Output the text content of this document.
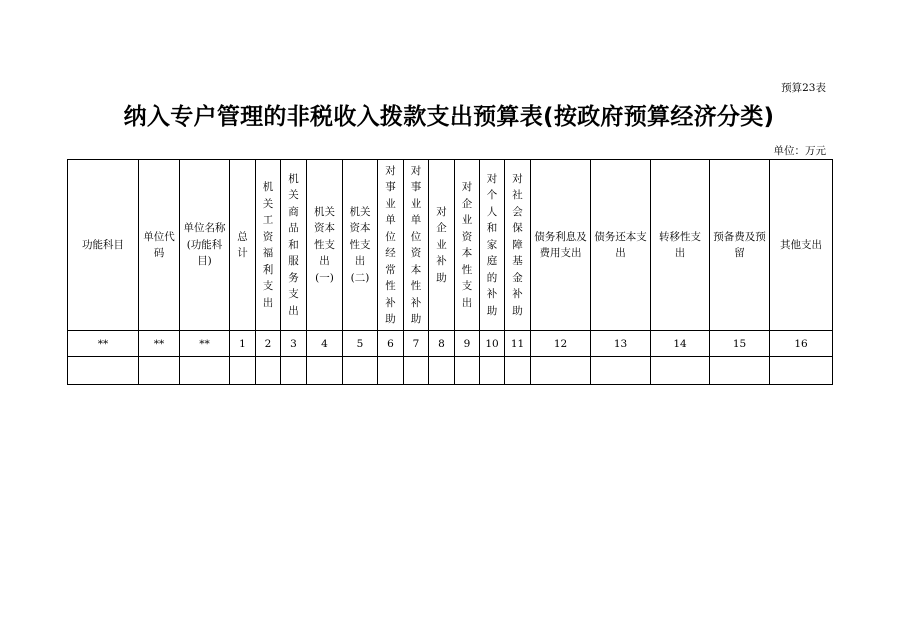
预算23表
纳入专户管理的非税收入拨款支出预算表(按政府预算经济分类)
单位：万元
功能科目	单位代码	单位名称(功能科目)	总计	机关工资福利支出	机关商品和服务支出	机关资本性支出(一)	机关资本性支出(二)	对事业单位经常性补助	对事业单位资本性补助	对企业补助	对企业资本性支出	对个人和家庭的补助	对社会保障基金补助	债务利息及费用支出	债务还本支出	转移性支出	预备费及预留	其他支出

**	**	**	1	2	3	4	5	6	7	8	9	10	11	12	13	14	15	16
